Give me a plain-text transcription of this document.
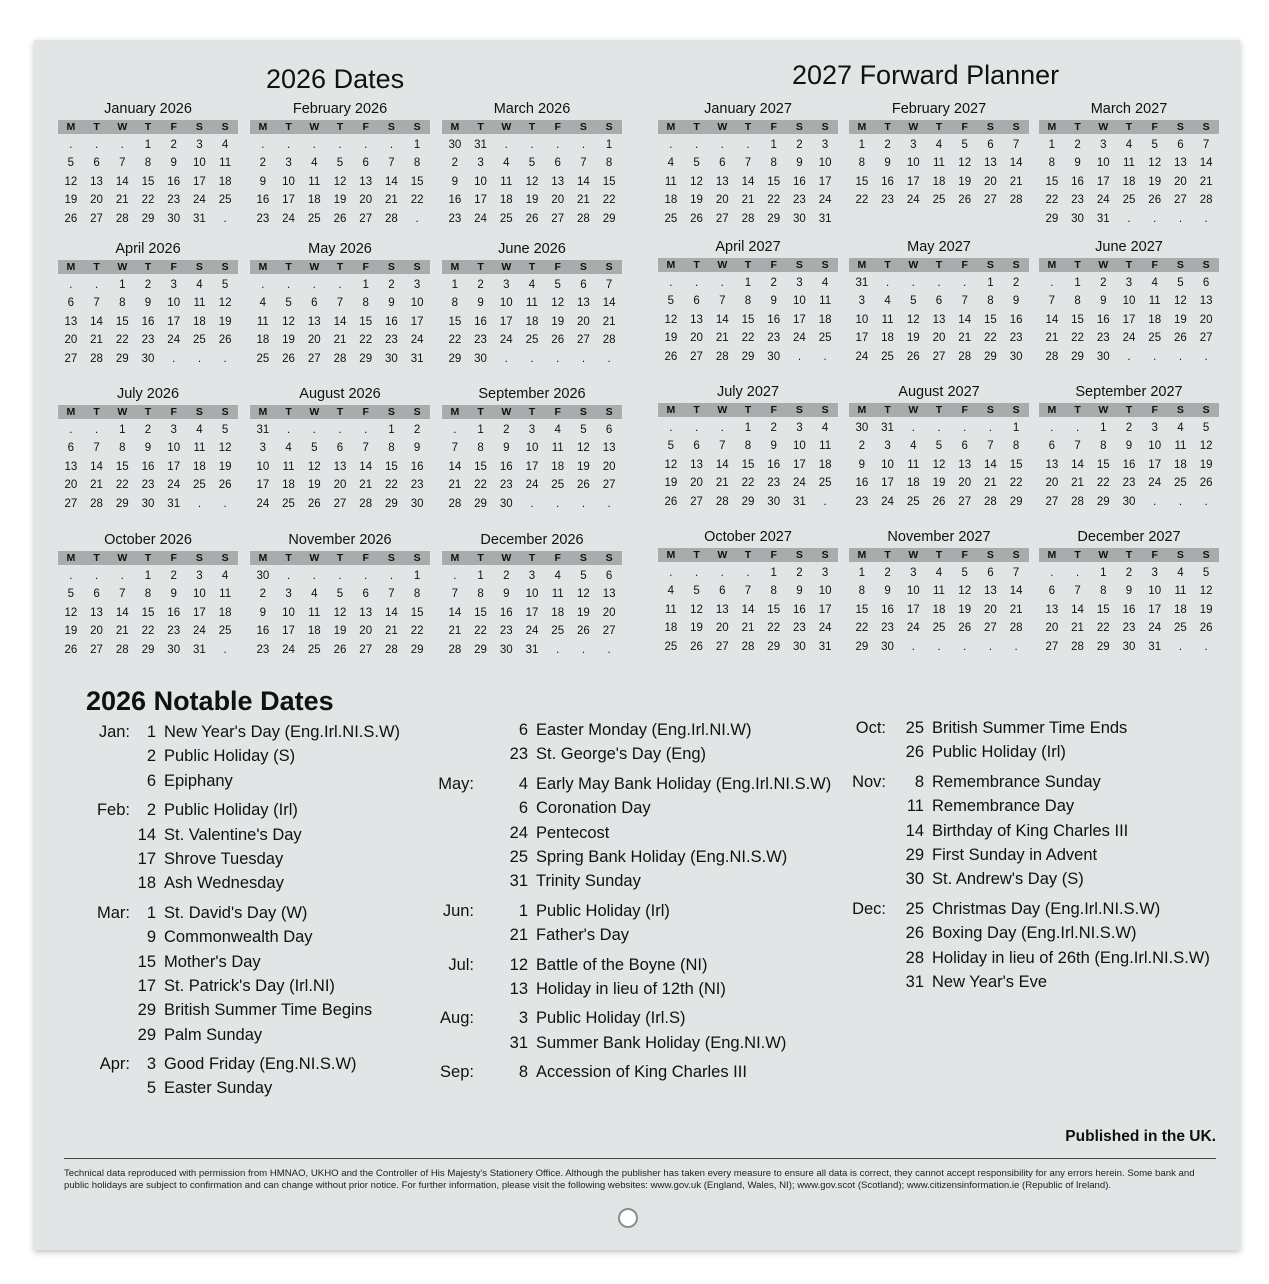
2026 Dates	2027 Forward Planner
January 2026
M	T	W	T	F	S	S
.	.	.	1	2	3	4
5	6	7	8	9	10	11
12	13	14	15	16	17	18
19	20	21	22	23	24	25
26	27	28	29	30	31	.
February 2026
M	T	W	T	F	S	S
.	.	.	.	.	.	1
2	3	4	5	6	7	8
9	10	11	12	13	14	15
16	17	18	19	20	21	22
23	24	25	26	27	28	.
March 2026
M	T	W	T	F	S	S
30	31	.	.	.	.	1
2	3	4	5	6	7	8
9	10	11	12	13	14	15
16	17	18	19	20	21	22
23	24	25	26	27	28	29
April 2026
M	T	W	T	F	S	S
.	.	1	2	3	4	5
6	7	8	9	10	11	12
13	14	15	16	17	18	19
20	21	22	23	24	25	26
27	28	29	30	.	.	.
May 2026
M	T	W	T	F	S	S
.	.	.	.	1	2	3
4	5	6	7	8	9	10
11	12	13	14	15	16	17
18	19	20	21	22	23	24
25	26	27	28	29	30	31
June 2026
M	T	W	T	F	S	S
1	2	3	4	5	6	7
8	9	10	11	12	13	14
15	16	17	18	19	20	21
22	23	24	25	26	27	28
29	30	.	.	.	.	.
July 2026
M	T	W	T	F	S	S
.	.	1	2	3	4	5
6	7	8	9	10	11	12
13	14	15	16	17	18	19
20	21	22	23	24	25	26
27	28	29	30	31	.	.
August 2026
M	T	W	T	F	S	S
31	.	.	.	.	1	2
3	4	5	6	7	8	9
10	11	12	13	14	15	16
17	18	19	20	21	22	23
24	25	26	27	28	29	30
September 2026
M	T	W	T	F	S	S
.	1	2	3	4	5	6
7	8	9	10	11	12	13
14	15	16	17	18	19	20
21	22	23	24	25	26	27
28	29	30	.	.	.	.
October 2026
M	T	W	T	F	S	S
.	.	.	1	2	3	4
5	6	7	8	9	10	11
12	13	14	15	16	17	18
19	20	21	22	23	24	25
26	27	28	29	30	31	.
November 2026
M	T	W	T	F	S	S
30	.	.	.	.	.	1
2	3	4	5	6	7	8
9	10	11	12	13	14	15
16	17	18	19	20	21	22
23	24	25	26	27	28	29
December 2026
M	T	W	T	F	S	S
.	1	2	3	4	5	6
7	8	9	10	11	12	13
14	15	16	17	18	19	20
21	22	23	24	25	26	27
28	29	30	31	.	.	.
January 2027
M	T	W	T	F	S	S
.	.	.	.	1	2	3
4	5	6	7	8	9	10
11	12	13	14	15	16	17
18	19	20	21	22	23	24
25	26	27	28	29	30	31
February 2027
M	T	W	T	F	S	S
1	2	3	4	5	6	7
8	9	10	11	12	13	14
15	16	17	18	19	20	21
22	23	24	25	26	27	28
March 2027
M	T	W	T	F	S	S
1	2	3	4	5	6	7
8	9	10	11	12	13	14
15	16	17	18	19	20	21
22	23	24	25	26	27	28
29	30	31	.	.	.	.
April 2027
M	T	W	T	F	S	S
.	.	.	1	2	3	4
5	6	7	8	9	10	11
12	13	14	15	16	17	18
19	20	21	22	23	24	25
26	27	28	29	30	.	.
May 2027
M	T	W	T	F	S	S
31	.	.	.	.	1	2
3	4	5	6	7	8	9
10	11	12	13	14	15	16
17	18	19	20	21	22	23
24	25	26	27	28	29	30
June 2027
M	T	W	T	F	S	S
.	1	2	3	4	5	6
7	8	9	10	11	12	13
14	15	16	17	18	19	20
21	22	23	24	25	26	27
28	29	30	.	.	.	.
July 2027
M	T	W	T	F	S	S
.	.	.	1	2	3	4
5	6	7	8	9	10	11
12	13	14	15	16	17	18
19	20	21	22	23	24	25
26	27	28	29	30	31	.
August 2027
M	T	W	T	F	S	S
30	31	.	.	.	.	1
2	3	4	5	6	7	8
9	10	11	12	13	14	15
16	17	18	19	20	21	22
23	24	25	26	27	28	29
September 2027
M	T	W	T	F	S	S
.	.	1	2	3	4	5
6	7	8	9	10	11	12
13	14	15	16	17	18	19
20	21	22	23	24	25	26
27	28	29	30	.	.	.
October 2027
M	T	W	T	F	S	S
.	.	.	.	1	2	3
4	5	6	7	8	9	10
11	12	13	14	15	16	17
18	19	20	21	22	23	24
25	26	27	28	29	30	31
November 2027
M	T	W	T	F	S	S
1	2	3	4	5	6	7
8	9	10	11	12	13	14
15	16	17	18	19	20	21
22	23	24	25	26	27	28
29	30	.	.	.	.	.
December 2027
M	T	W	T	F	S	S
.	.	1	2	3	4	5
6	7	8	9	10	11	12
13	14	15	16	17	18	19
20	21	22	23	24	25	26
27	28	29	30	31	.	.
2026 Notable Dates
Jan:	1 New Year's Day (Eng.Irl.NI.S.W)
2 Public Holiday (S)
6 Epiphany
Feb:	2 Public Holiday (Irl)
14 St. Valentine's Day
17 Shrove Tuesday
18 Ash Wednesday
Mar:	1 St. David's Day (W)
9 Commonwealth Day
15 Mother's Day
17 St. Patrick's Day (Irl.NI)
29 British Summer Time Begins
29 Palm Sunday
Apr:	3 Good Friday (Eng.NI.S.W)
5 Easter Sunday
6 Easter Monday (Eng.Irl.NI.W)
23 St. George's Day (Eng)
May:	4 Early May Bank Holiday (Eng.Irl.NI.S.W)
6 Coronation Day
24 Pentecost
25 Spring Bank Holiday (Eng.NI.S.W)
31 Trinity Sunday
Jun:	1 Public Holiday (Irl)
21 Father's Day
Jul:	12 Battle of the Boyne (NI)
13 Holiday in lieu of 12th (NI)
Aug:	3 Public Holiday (Irl.S)
31 Summer Bank Holiday (Eng.NI.W)
Sep:	8 Accession of King Charles III
Oct:	25 British Summer Time Ends
26 Public Holiday (Irl)
Nov:	8 Remembrance Sunday
11 Remembrance Day
14 Birthday of King Charles III
29 First Sunday in Advent
30 St. Andrew's Day (S)
Dec:	25 Christmas Day (Eng.Irl.NI.S.W)
26 Boxing Day (Eng.Irl.NI.S.W)
28 Holiday in lieu of 26th (Eng.Irl.NI.S.W)
31 New Year's Eve
Published in the UK.
Technical data reproduced with permission from HMNAO, UKHO and the Controller of His Majesty's Stationery Office. Although the publisher has taken every measure to ensure all data is correct, they cannot accept responsibility for any errors herein. Some bank and public holidays are subject to confirmation and can change without prior notice. For further information, please visit the following websites: www.gov.uk (England, Wales, NI); www.gov.scot (Scotland); www.citizensinformation.ie (Republic of Ireland).
